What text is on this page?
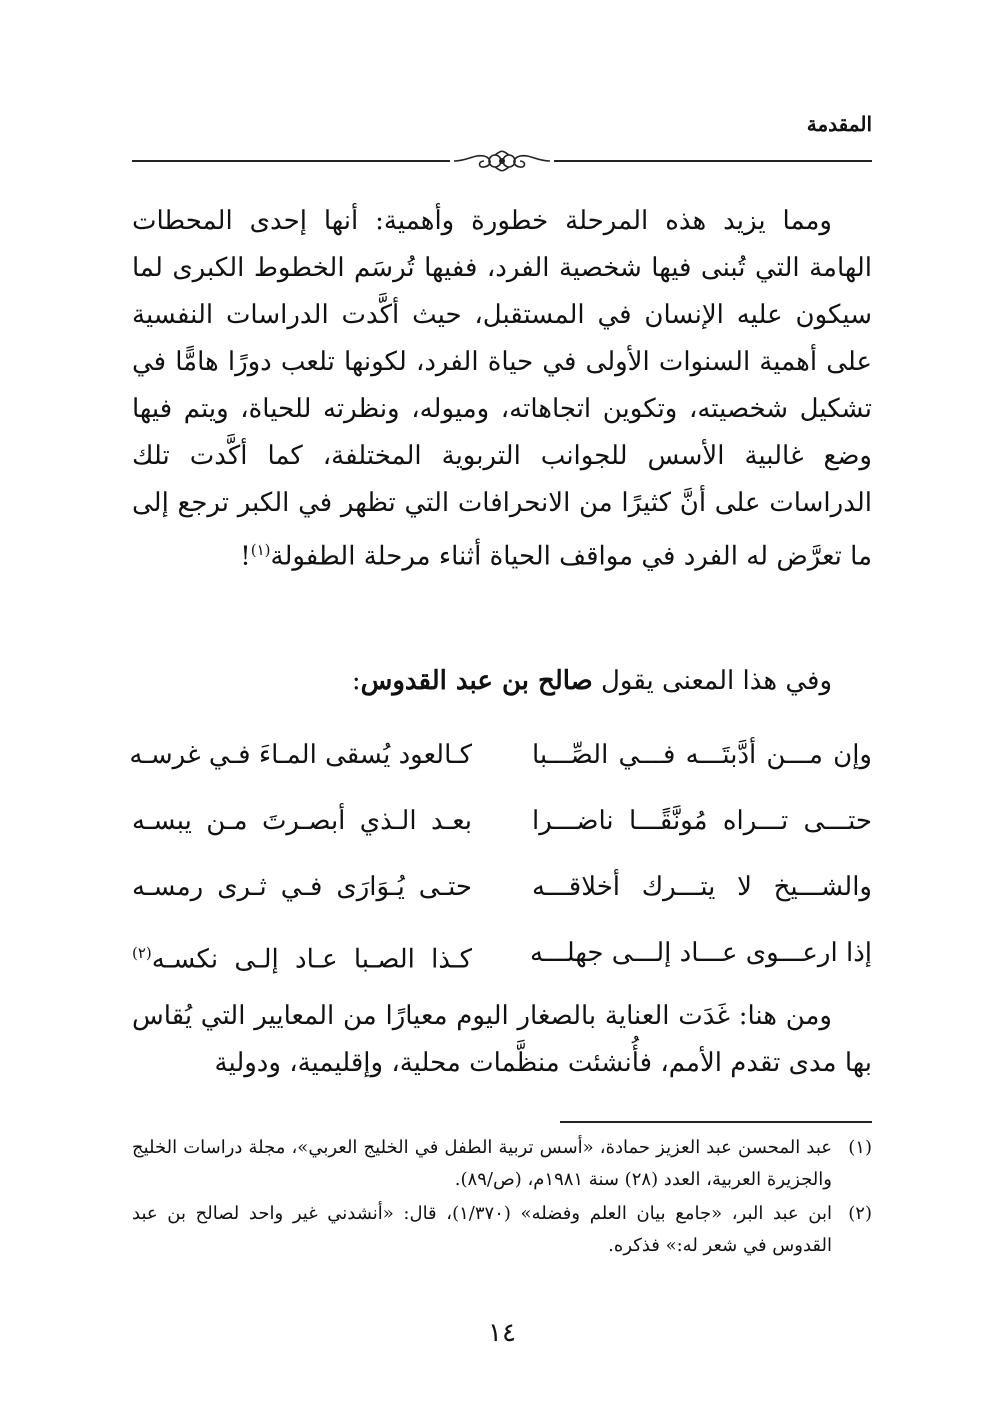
المقدمة

ومما يزيد هذه المرحلة خطورة وأهمية: أنها إحدى المحطات الهامة التي تُبنى فيها شخصية الفرد، ففيها تُرسَم الخطوط الكبرى لما سيكون عليه الإنسان في المستقبل، حيث أكَّدت الدراسات النفسية على أهمية السنوات الأولى في حياة الفرد، لكونها تلعب دورًا هامًّا في تشكيل شخصيته، وتكوين اتجاهاته، وميوله، ونظرته للحياة، ويتم فيها وضع غالبية الأسس للجوانب التربوية المختلفة، كما أكَّدت تلك الدراسات على أنَّ كثيرًا من الانحرافات التي تظهر في الكبر ترجع إلى ما تعرَّض له الفرد في مواقف الحياة أثناء مرحلة الطفولة$^{(١)}$!

وفي هذا المعنى يقول صالح بن عبد القدوس:
وإن مـــن أدَّبتَـــه فـــي الصِّـــبا
كـالعود يُسقى المـاءَ فـي غرسـه
حتـــى تـــراه مُونَّقًـــا ناضـــرا
بعـد الـذي أبصـرتَ مـن يبسـه
والشـــيخ لا يتـــرك أخلاقـــه
حتـى يُـوَارَى فـي ثـرى رمسـه
إذا ارعـــوى عـــاد إلـــى جهلـــه
كـذا الصـبا عـاد إلـى نكسـه$^{(٢)}$

ومن هنا: غَدَت العناية بالصغار اليوم معيارًا من المعايير التي يُقاس بها مدى تقدم الأمم، فأُنشئت منظَّمات محلية، وإقليمية، ودولية

(١)
عبد المحسن عبد العزيز حمادة، «أسس تربية الطفل في الخليج العربي»، مجلة دراسات الخليج والجزيرة العربية، العدد (٢٨) سنة ١٩٨١م، (ص/٨٩).
(٢)
ابن عبد البر، «جامع بيان العلم وفضله» (١/٣٧٠)، قال: «أنشدني غير واحد لصالح بن عبد القدوس في شعر له:» فذكره.
١٤
